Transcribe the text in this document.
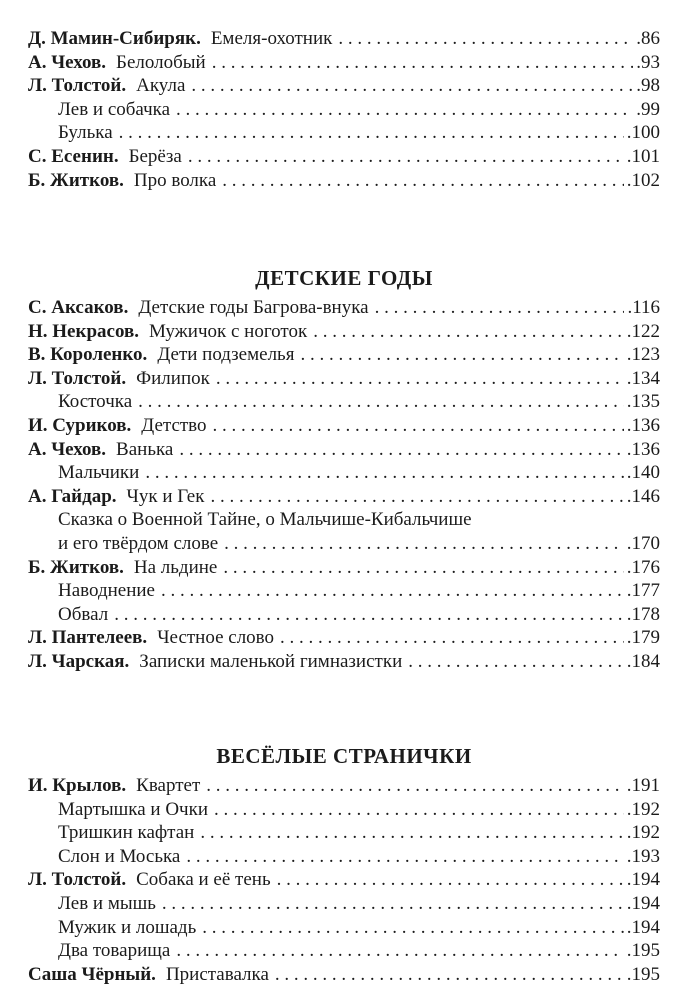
Д. Мамин-Сибиряк. Емеля-охотник . . .	.86
А. Чехов. Белолобый . . .	.93
Л. Толстой. Акула . . .	.98
Лев и собачка . . .	.99
Булька . . .	.100
С. Есенин. Берёза . . .	.101
Б. Житков. Про волка . . .	.102
ДЕТСКИЕ ГОДЫ
С. Аксаков. Детские годы Багрова-внука . . .	.116
Н. Некрасов. Мужичок с ноготок . . .	.122
В. Короленко. Дети подземелья . . .	.123
Л. Толстой. Филипок . . .	.134
Косточка . . .	.135
И. Суриков. Детство . . .	.136
А. Чехов. Ванька . . .	.136
Мальчики . . .	.140
А. Гайдар. Чук и Гек . . .	.146
Сказка о Военной Тайне, о Мальчише-Кибальчише
и его твёрдом слове . . .	.170
Б. Житков. На льдине . . .	.176
Наводнение . . .	.177
Обвал . . .	.178
Л. Пантелеев. Честное слово . . .	.179
Л. Чарская. Записки маленькой гимназистки . . .	.184
ВЕСЁЛЫЕ СТРАНИЧКИ
И. Крылов. Квартет . . .	.191
Мартышка и Очки . . .	.192
Тришкин кафтан . . .	.192
Слон и Моська . . .	.193
Л. Толстой. Собака и её тень . . .	.194
Лев и мышь . . .	.194
Мужик и лошадь . . .	.194
Два товарища . . .	.195
Саша Чёрный. Приставалка . . .	.195
